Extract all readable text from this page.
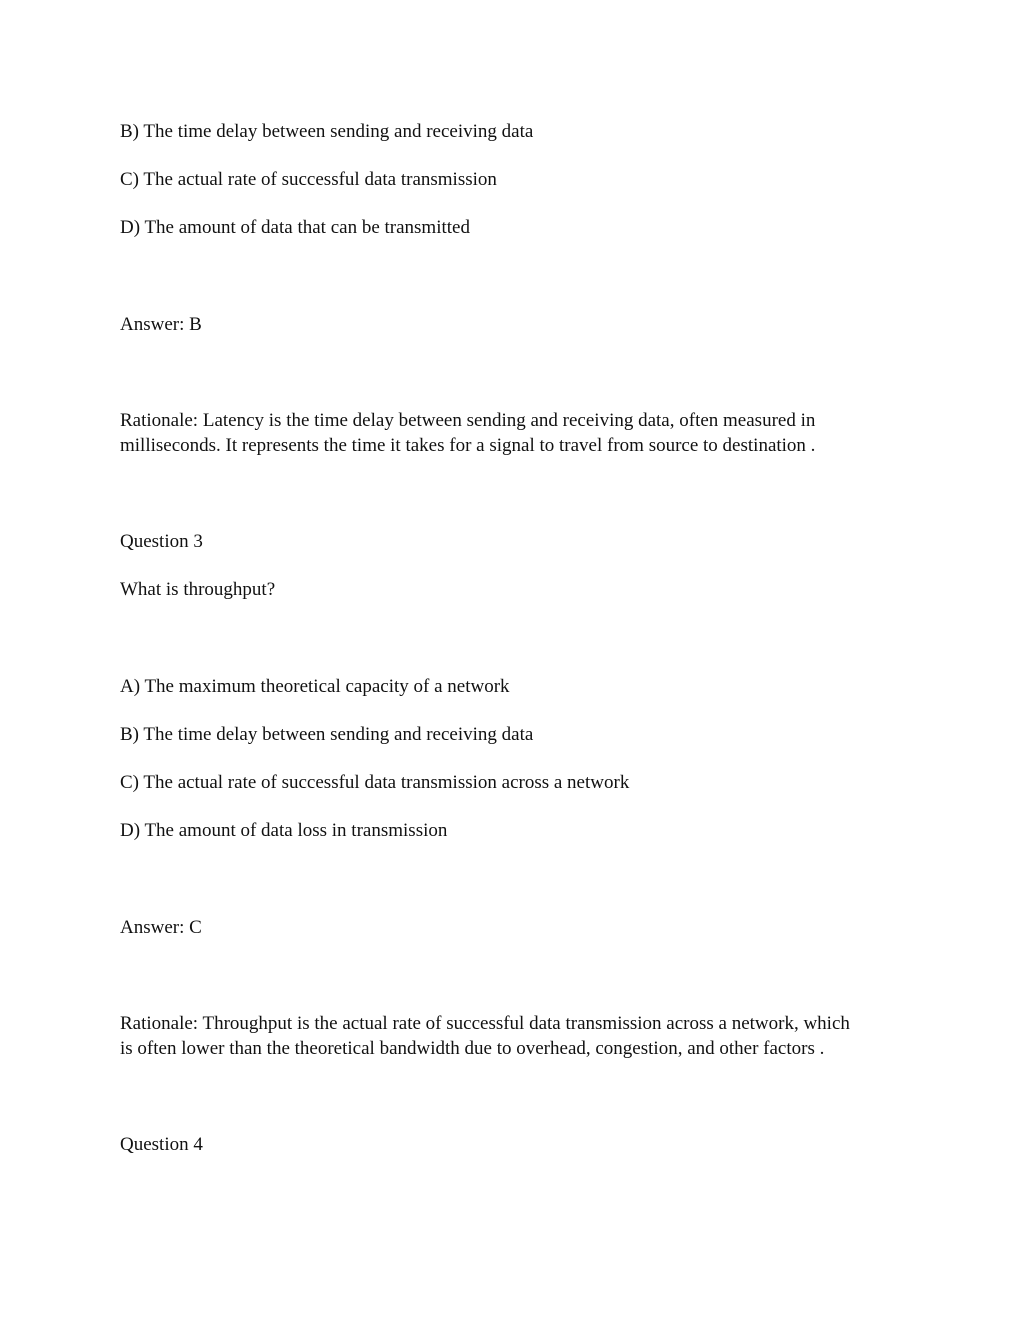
B) The time delay between sending and receiving data
C) The actual rate of successful data transmission
D) The amount of data that can be transmitted
Answer: B
Rationale: Latency is the time delay between sending and receiving data, often measured in
milliseconds. It represents the time it takes for a signal to travel from source to destination .
Question 3
What is throughput?
A) The maximum theoretical capacity of a network
B) The time delay between sending and receiving data
C) The actual rate of successful data transmission across a network
D) The amount of data loss in transmission
Answer: C
Rationale: Throughput is the actual rate of successful data transmission across a network, which
is often lower than the theoretical bandwidth due to overhead, congestion, and other factors .
Question 4
